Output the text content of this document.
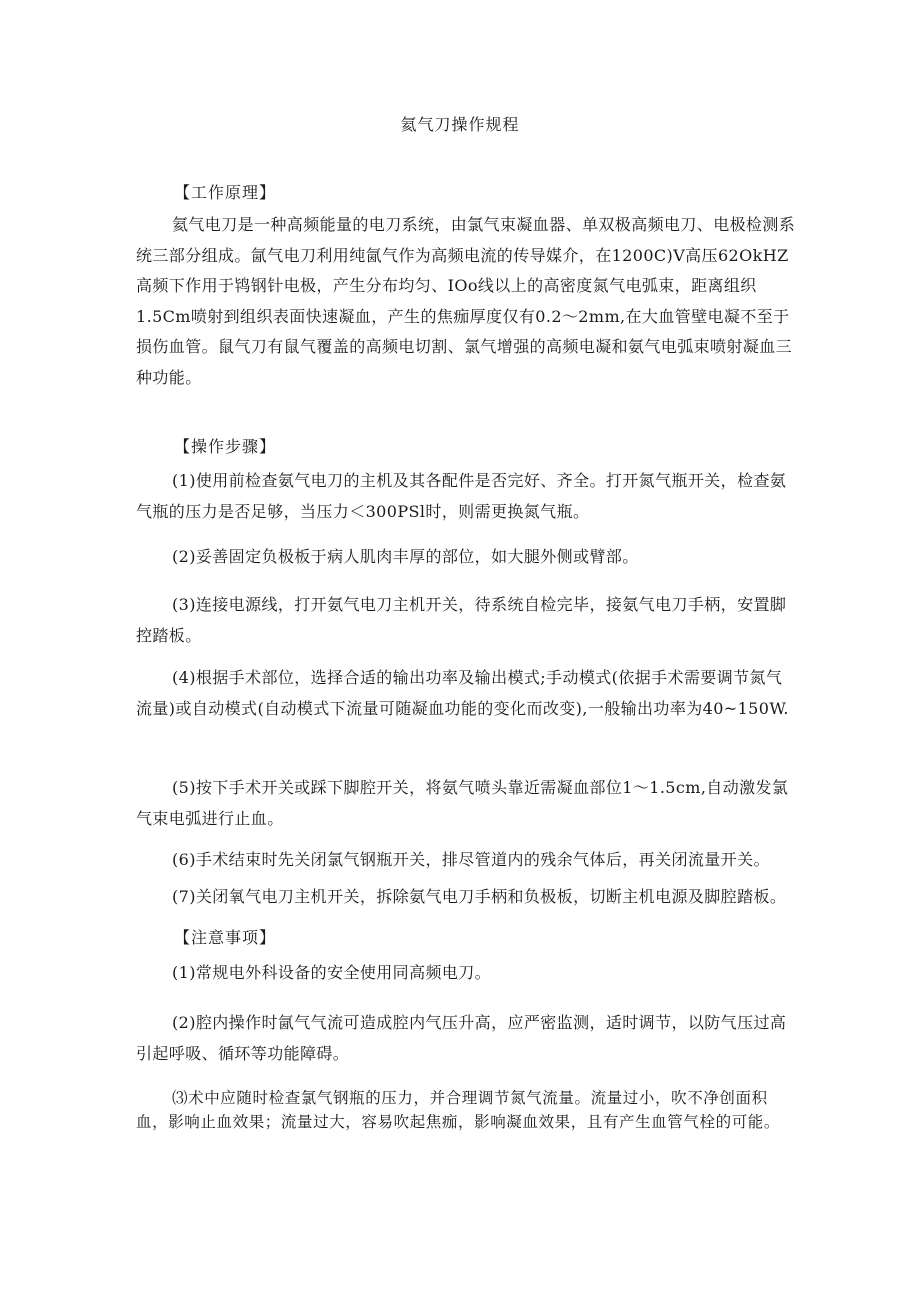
氦气刀操作规程
【工作原理】

氦气电刀是一种高频能量的电刀系统，由氯气束凝血器、单双极高频电刀、电极检测系统三部分组成。氤气电刀利用纯氤气作为高频电流的传导媒介，在1200C)V高压62OkHZ高频下作用于鸨钢针电极，产生分布均匀、IOo线以上的高密度氮气电弧束，距离组织1.5Cm喷射到组织表面快速凝血，产生的焦痂厚度仅有0.2～2mm,在大血管壁电凝不至于损伤血管。鼠气刀有鼠气覆盖的高频电切割、氯气增强的高频电凝和氨气电弧束喷射凝血三种功能。

【操作步骤】

(1)使用前检查氨气电刀的主机及其各配件是否完好、齐全。打开氮气瓶开关，检查氨气瓶的压力是否足够，当压力＜300PSl时，则需更换氮气瓶。

(2)妥善固定负极板于病人肌肉丰厚的部位，如大腿外侧或臂部。

(3)连接电源线，打开氨气电刀主机开关，待系统自检完毕，接氨气电刀手柄，安置脚控踏板。

(4)根据手术部位，选择合适的输出功率及输出模式;手动模式(依据手术需要调节氮气流量)或自动模式(自动模式下流量可随凝血功能的变化而改变),一般输出功率为40~150W.

(5)按下手术开关或踩下脚腔开关，将氨气喷头靠近需凝血部位1～1.5cm,自动激发氯气束电弧进行止血。

(6)手术结束时先关闭氯气钢瓶开关，排尽管道内的残余气体后，再关闭流量开关。

(7)关闭氧气电刀主机开关，拆除氨气电刀手柄和负极板，切断主机电源及脚腔踏板。

【注意事项】

(1)常规电外科设备的安全使用同高频电刀。

(2)腔内操作时氤气气流可造成腔内气压升高，应严密监测，适时调节，以防气压过高引起呼吸、循环等功能障碍。

⑶术中应随时检查氯气钢瓶的压力，并合理调节氮气流量。流量过小，吹不净创面积血，影响止血效果；流量过大，容易吹起焦痂，影响凝血效果，且有产生血管气栓的可能。
